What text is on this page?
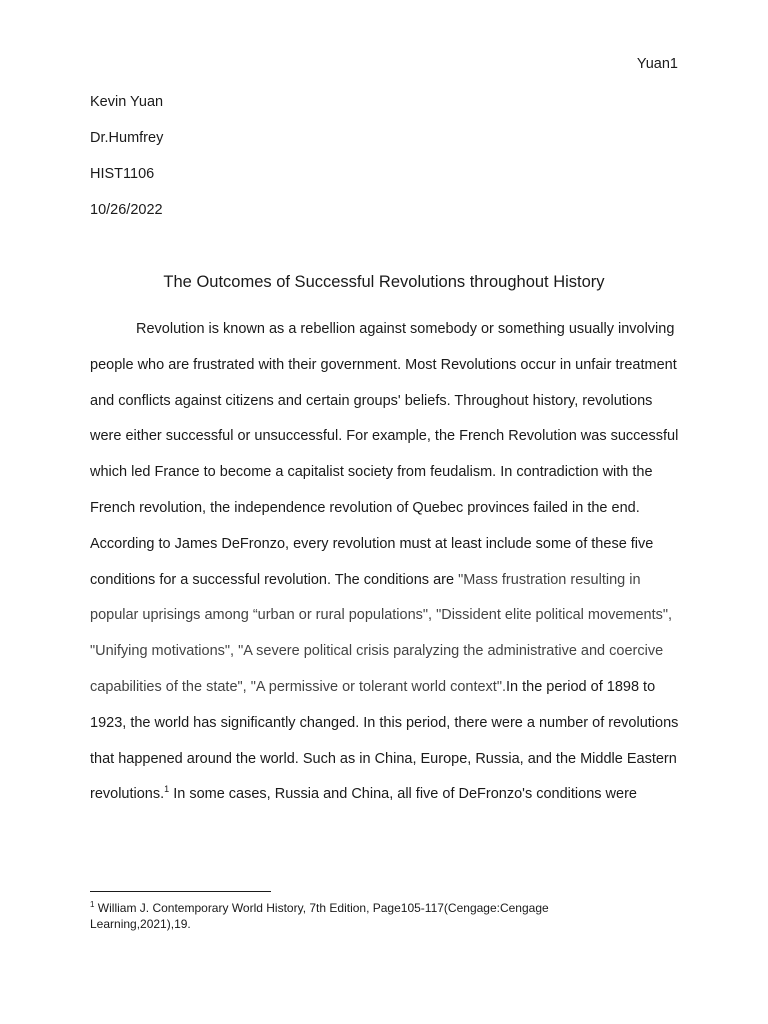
Yuan1
Kevin Yuan
Dr.Humfrey
HIST1106
10/26/2022
The Outcomes of Successful Revolutions throughout History

Revolution is known as a rebellion against somebody or something usually involving people who are frustrated with their government. Most Revolutions occur in unfair treatment and conflicts against citizens and certain groups' beliefs. Throughout history, revolutions were either successful or unsuccessful. For example, the French Revolution was successful which led France to become a capitalist society from feudalism. In contradiction with the French revolution, the independence revolution of Quebec provinces failed in the end. According to James DeFronzo, every revolution must at least include some of these five conditions for a successful revolution. The conditions are "Mass frustration resulting in popular uprisings among “urban or rural populations", "Dissident elite political movements", "Unifying motivations", "A severe political crisis paralyzing the administrative and coercive capabilities of the state", "A permissive or tolerant world context".In the period of 1898 to 1923, the world has significantly changed. In this period, there were a number of revolutions that happened around the world. Such as in China, Europe, Russia, and the Middle Eastern revolutions.$^1$ In some cases, Russia and China, all five of DeFronzo's conditions were

$^1$ William J. Contemporary World History, 7th Edition, Page105-117(Cengage:Cengage Learning,2021),19.
